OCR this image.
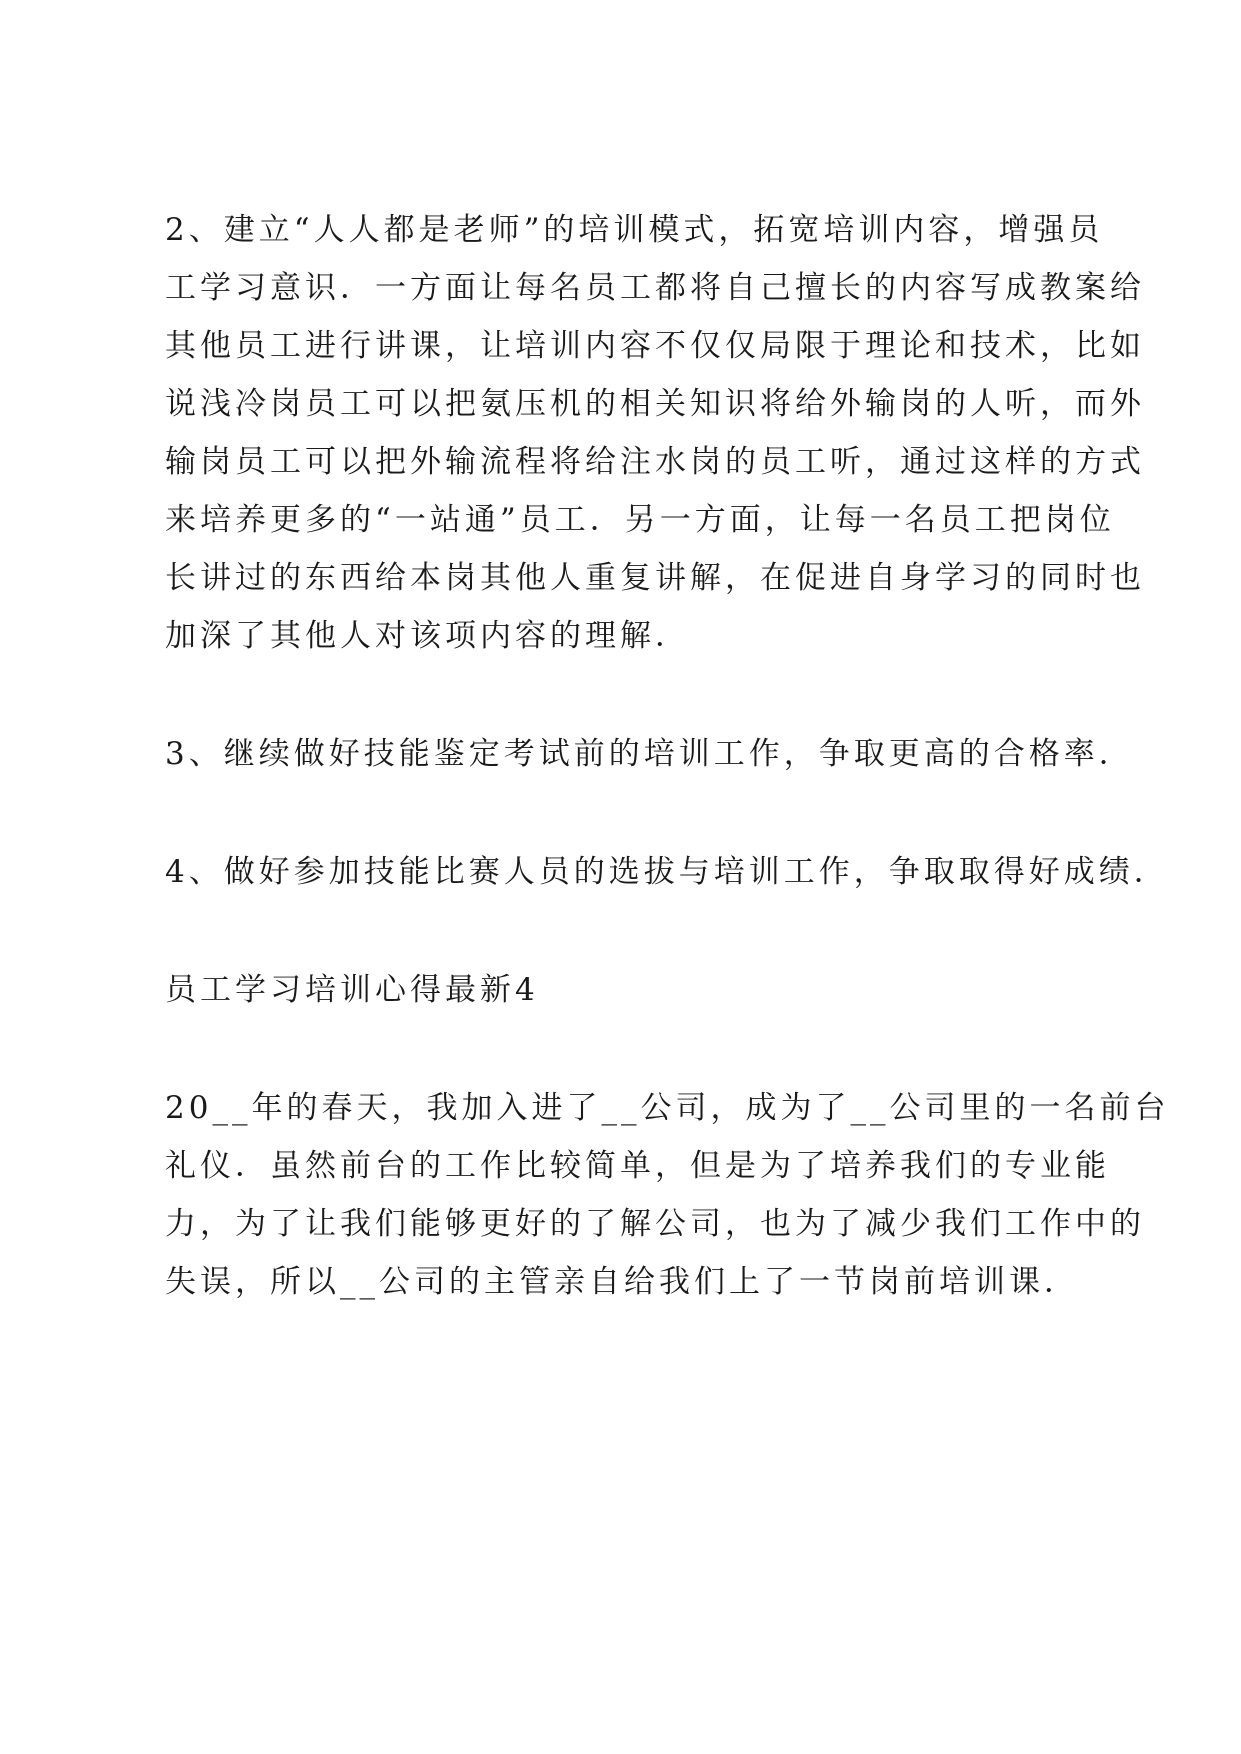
2、建立“人人都是老师”的培训模式，拓宽培训内容，增强员

工学习意识．一方面让每名员工都将自己擅长的内容写成教案给

其他员工进行讲课，让培训内容不仅仅局限于理论和技术，比如

说浅冷岗员工可以把氨压机的相关知识将给外输岗的人听，而外

输岗员工可以把外输流程将给注水岗的员工听，通过这样的方式

来培养更多的“一站通”员工．另一方面，让每一名员工把岗位

长讲过的东西给本岗其他人重复讲解，在促进自身学习的同时也

加深了其他人对该项内容的理解．

3、继续做好技能鉴定考试前的培训工作，争取更高的合格率．

4、做好参加技能比赛人员的选拔与培训工作，争取取得好成绩．

员工学习培训心得最新4

20__年的春天，我加入进了__公司，成为了__公司里的一名前台

礼仪．虽然前台的工作比较简单，但是为了培养我们的专业能

力，为了让我们能够更好的了解公司，也为了减少我们工作中的

失误，所以__公司的主管亲自给我们上了一节岗前培训课．
